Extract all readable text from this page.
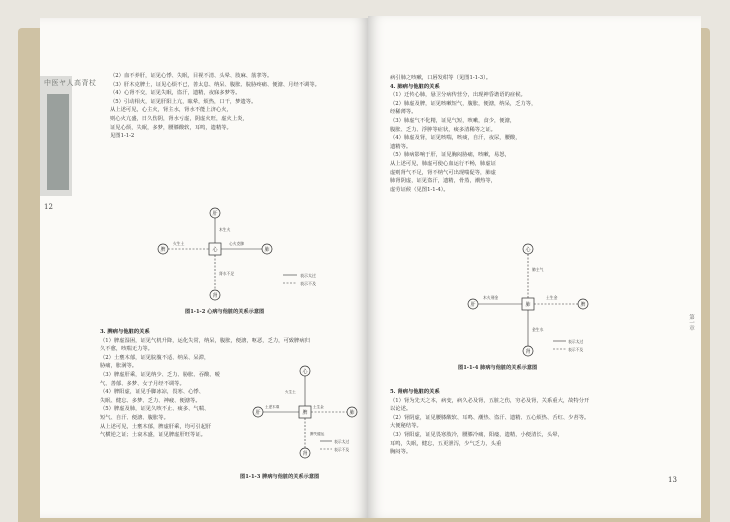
中医ヤ人高背杖
12

（2）血不养肝，证见心悸、失眠，目视不清、头晕、肢麻、筋挛等。

（3）肝木克脾土，证见心烦不已，善太息、纳呆、腹胀、脘胁疼痛、便溏、月经不调等。

（4）心肾不交，证见失眠，盗汗，遗精，夜寐多梦等。

（5）引动相火，证见肝阳上亢，眩晕，烦热，口干，梦遗等。

从上述可见，心主火，肾主水，肾水不能上济心火，

则心火亢盛，日久伤阴，肾水亏虚，阴虚火旺，虚火上炎，

证见心烦，失眠，多梦，腰膝酸软，耳鸣，遗精等。

见图1-1-2

肝
心
肾
脾	肺
火生土
木生火
心火克肺
肾水不足	表示太过
表示不及
图1-1-2 心病与他脏的关系示意图

3. 脾病与他脏的关系

（1）脾虚湿困，证见气机升降，运化失常，纳呆，腹胀，便溏，呕恶，乏力，可致脾病归

久不愈，咳喘无力等。

（2）土壅木郁，证见脘腹不适、纳呆、呆滞，

胁痛，胀满等。

（3）脾虚肝乘，证见纳少、乏力、胁胀、吞酸、嗳

气、善郁、多梦、女子月经不调等。

（4）脾阳虚，证见手脚冰凉，畏寒、心悸、

失眠、健忘、多梦、乏力、神疲、便溏等。

（5）脾虚及肺，证见久咳不止、痰多、气喘、

短气、自汗、便溏、腹胀等。

从上述可见，土壅木郁，脾虚肝乘，均可引起肝

气横逆之证；土衰木盛，证见脾虚肝旺等证。

心
脾
肾
肝	肺
土生金
火生土
土虚木乘
脾失健运
表示太过
表示不及
图1-1-3 脾病与他脏的关系示意图

病引肺之咳嗽，口唇发绀等（见图1-1-3）。

4. 肺病与他脏的关系

（1）迁传心肺，悬卫分病传营分，出现神昏谵语的症候。

（2）肺虚及脾，证见咳嗽短气，腹胀，便溏，纳呆，乏力等，

经稀薄等。

（3）肺虚气不化精，证见气短，咳嗽，食少，便溏，

腹胀、乏力、浮肿等症状，痰多清稀等之证。

（4）肺虚及肾，证见咳喘，咳痰，自汗，夜尿，腰酸，

遗精等。

（5）肺病影响于肝，证见胸闷胁痛，咳嗽，易怒，

从上述可见，肺虚可使心血运行不畅，肺虚证

虚则肾气不足，肾不纳气可出现喘促等，肺虚

肺肾阴虚，证见盗汗，遗精，骨蒸，潮热等，

虚劳证候（见图1-1-4）。

心
肺
肾
肝	脾
肺主气
金生水
木火刑金	土生金
表示太过
表示不及
图1-1-4 肺病与他脏的关系示意图

5. 肾病与他脏的关系

（1）肾为先天之本，病变，病久必及肾，五脏之伤，穷必及肾，关系重大，故特分开

以论述。

（2）肾阴虚，证见腰膝酸软、耳鸣、潮热、盗汗、遗精、五心烦热、舌红、少苔等。

大便秘结等。

（3）肾阳虚，证见畏寒肢冷，腰膝冷痛，阳痿，遗精，小便清长，头晕，

耳鸣，失眠，健忘，五更泄泻，少气乏力，头重

胸闷等。

第一章
13
